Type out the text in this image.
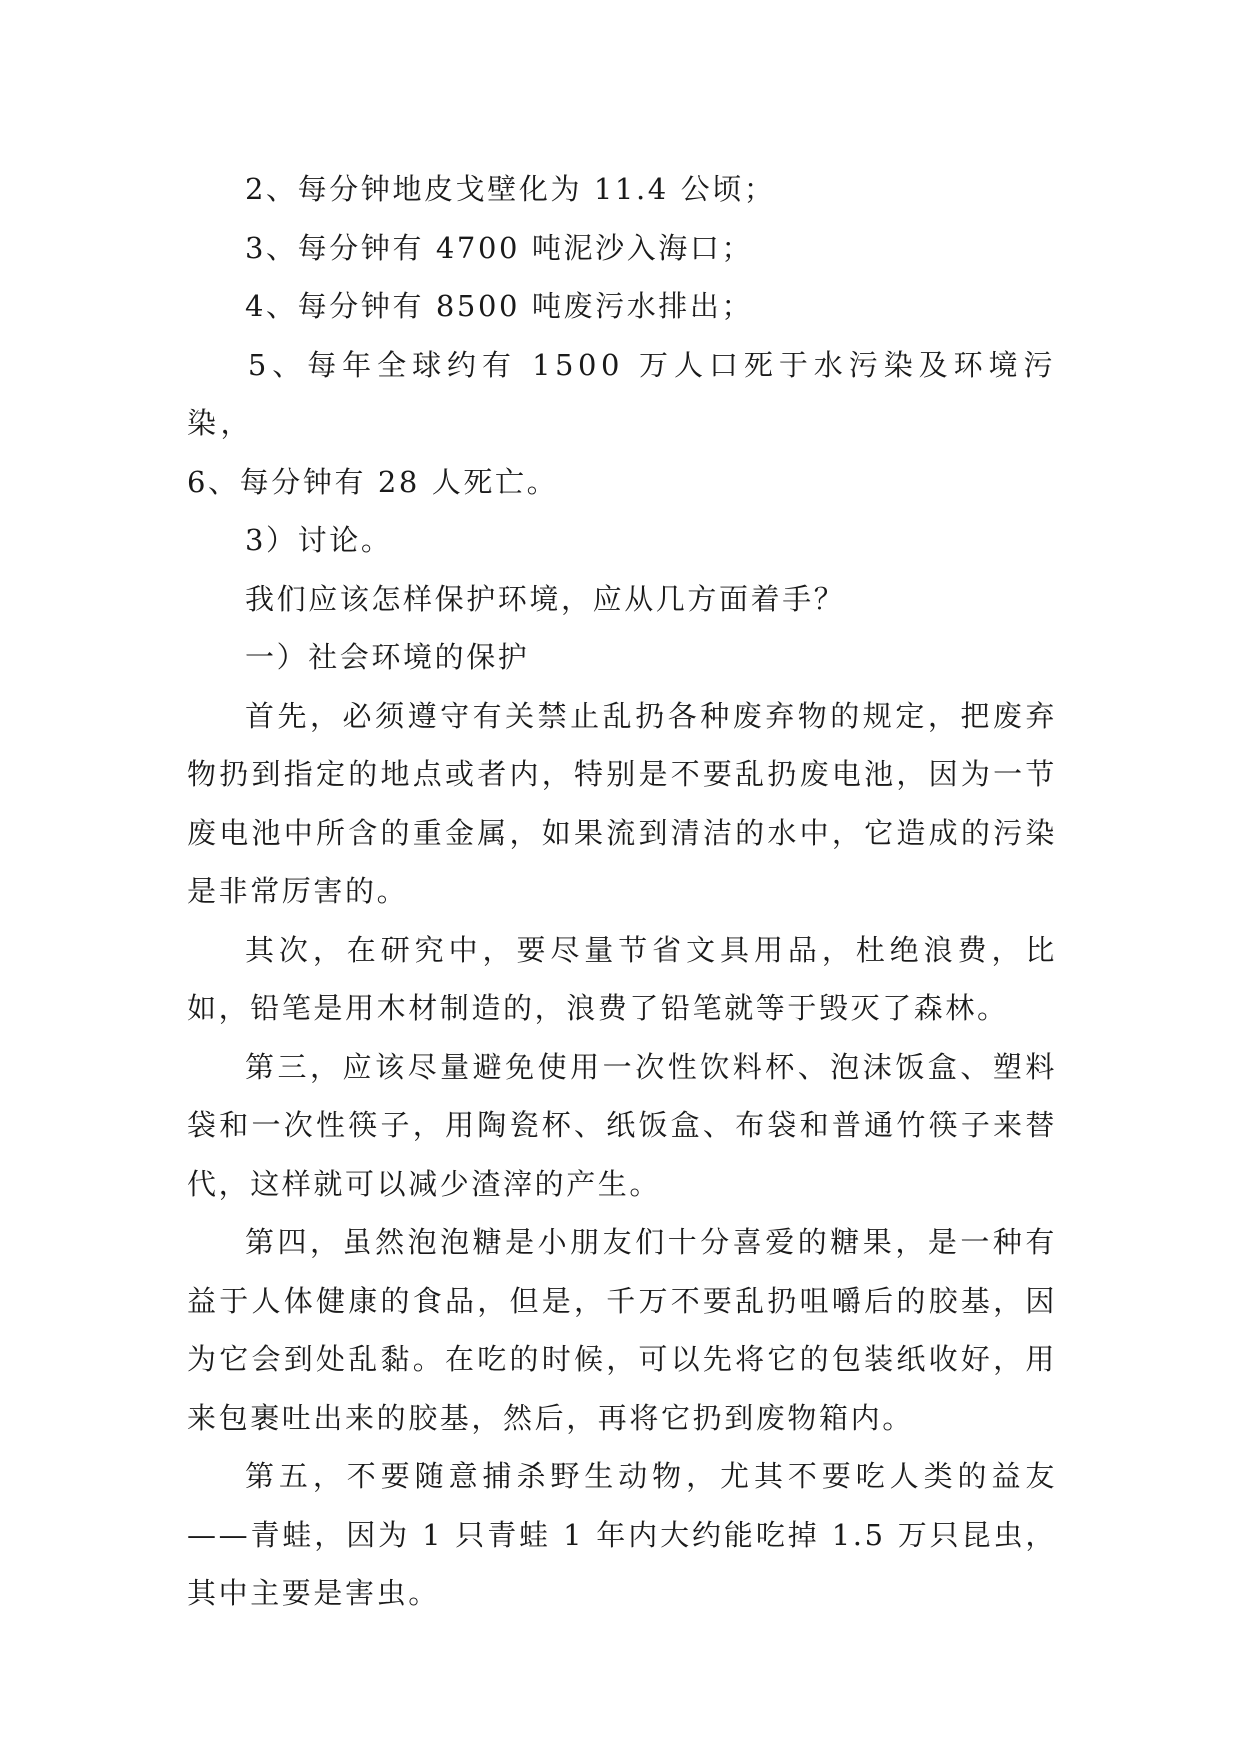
2、每分钟地皮戈壁化为 11.4 公顷；

3、每分钟有 4700 吨泥沙入海口；

4、每分钟有 8500 吨废污水排出；

5、每年全球约有 1500 万人口死于水污染及环境污染，

6、每分钟有 28 人死亡。

3）讨论。

我们应该怎样保护环境，应从几方面着手？

一）社会环境的保护

首先，必须遵守有关禁止乱扔各种废弃物的规定，把废弃物扔到指定的地点或者内，特别是不要乱扔废电池，因为一节废电池中所含的重金属，如果流到清洁的水中，它造成的污染是非常厉害的。

其次，在研究中，要尽量节省文具用品，杜绝浪费，比如，铅笔是用木材制造的，浪费了铅笔就等于毁灭了森林。

第三，应该尽量避免使用一次性饮料杯、泡沫饭盒、塑料袋和一次性筷子，用陶瓷杯、纸饭盒、布袋和普通竹筷子来替代，这样就可以减少渣滓的产生。

第四，虽然泡泡糖是小朋友们十分喜爱的糖果，是一种有益于人体健康的食品，但是，千万不要乱扔咀嚼后的胶基，因为它会到处乱黏。在吃的时候，可以先将它的包装纸收好，用来包裹吐出来的胶基，然后，再将它扔到废物箱内。

第五，不要随意捕杀野生动物，尤其不要吃人类的益友——青蛙，因为 1 只青蛙 1 年内大约能吃掉 1.5 万只昆虫，其中主要是害虫。
